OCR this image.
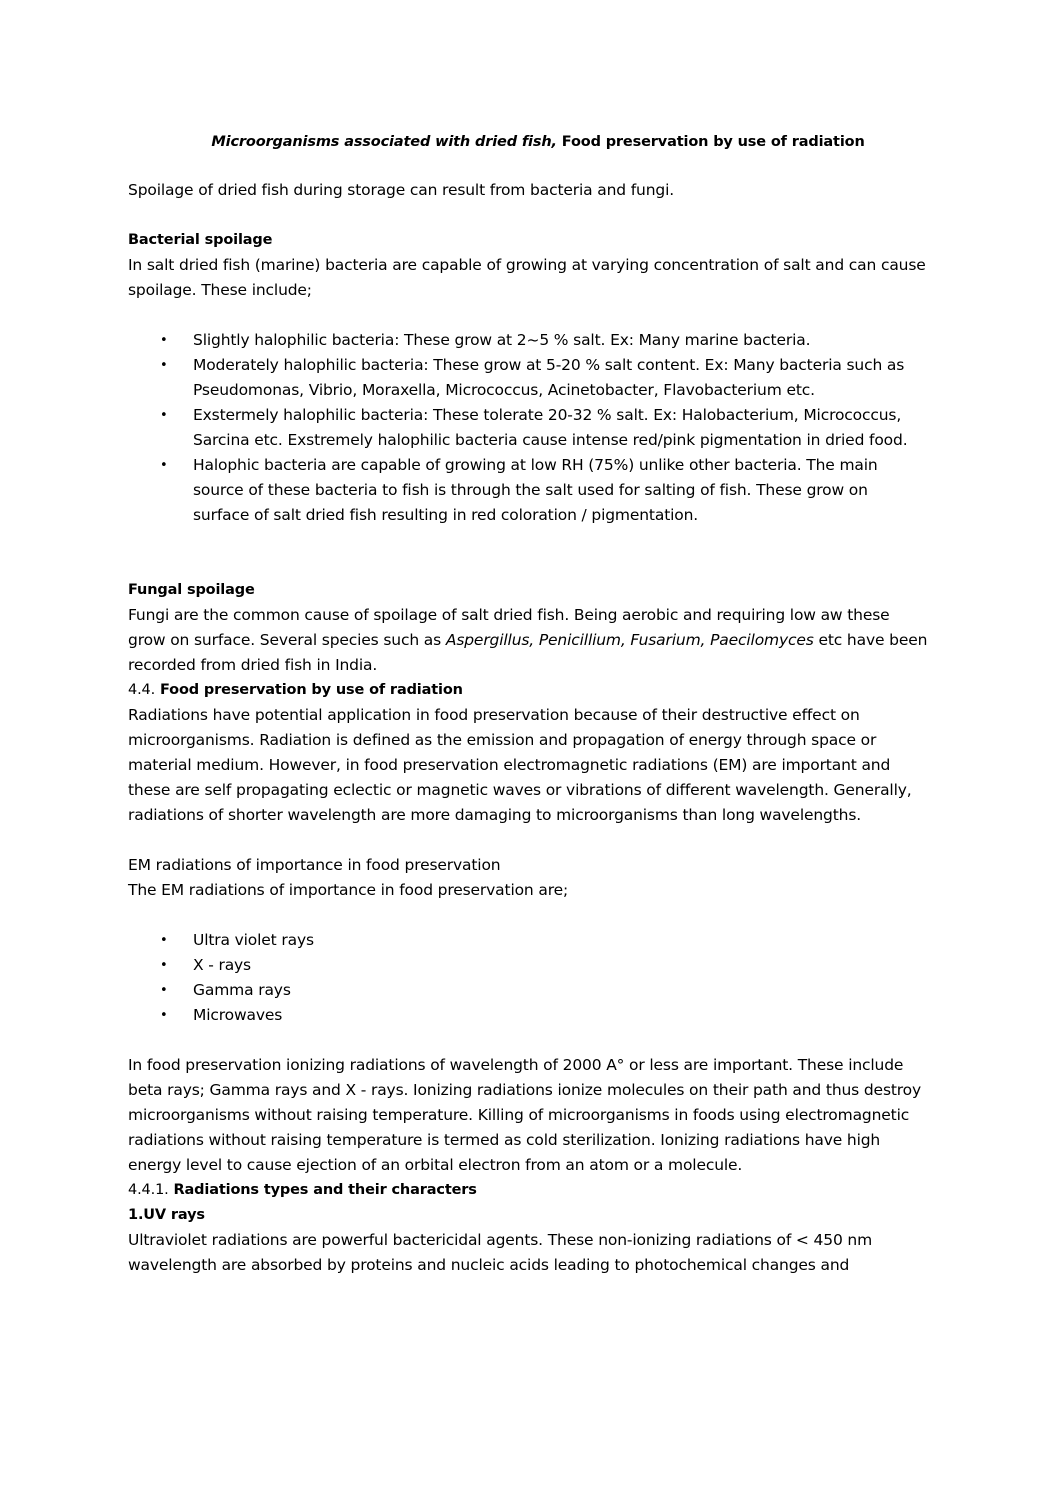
Microorganisms associated with dried fish, Food preservation by use of radiation

Spoilage of dried fish during storage can result from bacteria and fungi.

Bacterial spoilage

In salt dried fish (marine) bacteria are capable of growing at varying concentration of salt and can cause spoilage. These include;

• Slightly halophilic bacteria: These grow at 2~5 % salt. Ex: Many marine bacteria.
• Moderately halophilic bacteria: These grow at 5-20 % salt content. Ex: Many bacteria such as Pseudomonas, Vibrio, Moraxella, Micrococcus, Acinetobacter, Flavobacterium etc.
• Exstermely halophilic bacteria: These tolerate 20-32 % salt. Ex: Halobacterium, Micrococcus, Sarcina etc. Exstremely halophilic bacteria cause intense red/pink pigmentation in dried food.
• Halophic bacteria are capable of growing at low RH (75%) unlike other bacteria. The main source of these bacteria to fish is through the salt used for salting of fish. These grow on surface of salt dried fish resulting in red coloration / pigmentation.

Fungal spoilage

Fungi are the common cause of spoilage of salt dried fish. Being aerobic and requiring low aw these grow on surface. Several species such as Aspergillus, Penicillium, Fusarium, Paecilomyces etc have been recorded from dried fish in India.

4.4. Food preservation by use of radiation

Radiations have potential application in food preservation because of their destructive effect on microorganisms. Radiation is defined as the emission and propagation of energy through space or material medium. However, in food preservation electromagnetic radiations (EM) are important and these are self propagating eclectic or magnetic waves or vibrations of different wavelength. Generally, radiations of shorter wavelength are more damaging to microorganisms than long wavelengths.

EM radiations of importance in food preservation

The EM radiations of importance in food preservation are;

• Ultra violet rays
• X - rays
• Gamma rays
• Microwaves

In food preservation ionizing radiations of wavelength of 2000 A° or less are important. These include beta rays; Gamma rays and X - rays. Ionizing radiations ionize molecules on their path and thus destroy microorganisms without raising temperature. Killing of microorganisms in foods using electromagnetic radiations without raising temperature is termed as cold sterilization. Ionizing radiations have high energy level to cause ejection of an orbital electron from an atom or a molecule.

4.4.1. Radiations types and their characters

1.UV rays

Ultraviolet radiations are powerful bactericidal agents. These non-ionizing radiations of < 450 nm wavelength are absorbed by proteins and nucleic acids leading to photochemical changes and
